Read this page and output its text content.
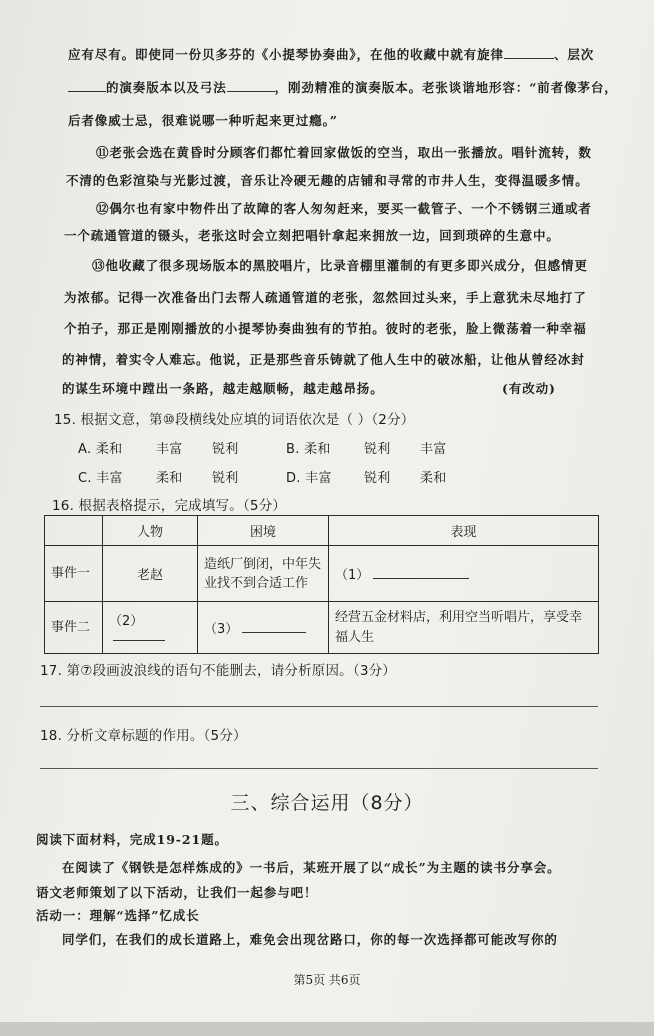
应有尽有。即使同一份贝多芬的《小提琴协奏曲》，在他的收藏中就有旋律	、层次
的演奏版本以及弓法	，刚劲精准的演奏版本。老张谈谐地形容：“前者像茅台，
后者像威士忌，很难说哪一种听起来更过瘾。”
⑪老张会选在黄昏时分顾客们都忙着回家做饭的空当，取出一张播放。唱针流转，数
不清的色彩渲染与光影过渡，音乐让冷硬无趣的店铺和寻常的市井人生，变得温暖多情。
⑫偶尔也有家中物件出了故障的客人匆匆赶来，要买一截管子、一个不锈钢三通或者
一个疏通管道的镊头，老张这时会立刻把唱针拿起来拥放一边，回到琐碎的生意中。
⑬他收藏了很多现场版本的黑胶唱片，比录音棚里灌制的有更多即兴成分，但感情更
为浓郁。记得一次准备出门去帮人疏通管道的老张，忽然回过头来，手上意犹未尽地打了
个拍子，那正是刚刚播放的小提琴协奏曲独有的节拍。彼时的老张，脸上微荡着一种幸福
的神情，着实令人难忘。他说，正是那些音乐铸就了他人生中的破冰船，让他从曾经冰封
的谋生环境中蹚出一条路，越走越顺畅，越走越昂扬。	(有改动)
15. 根据文意，第⑩段横线处应填的词语依次是（ ）（2分）
A. 柔和	丰富 锐利	B. 柔和	锐利 丰富
C. 丰富	柔和 锐利	D. 丰富 锐利 柔和
16. 根据表格提示，完成填写。（5分）
	人物	困境	表现
事件一	老赵	造纸厂倒闭，中年失业找不到合适工作	（1）
事件二	（2）	（3）	经营五金材料店，利用空当听唱片，享受幸福人生
17. 第⑦段画波浪线的语句不能删去，请分析原因。（3分）
18. 分析文章标题的作用。（5分）
三、综合运用（8分）
阅读下面材料，完成19-21题。
在阅读了《钢铁是怎样炼成的》一书后，某班开展了以“成长”为主题的读书分享会。
语文老师策划了以下活动，让我们一起参与吧！
活动一：理解“选择”忆成长
同学们，在我们的成长道路上，难免会出现岔路口，你的每一次选择都可能改写你的
第5页 共6页
